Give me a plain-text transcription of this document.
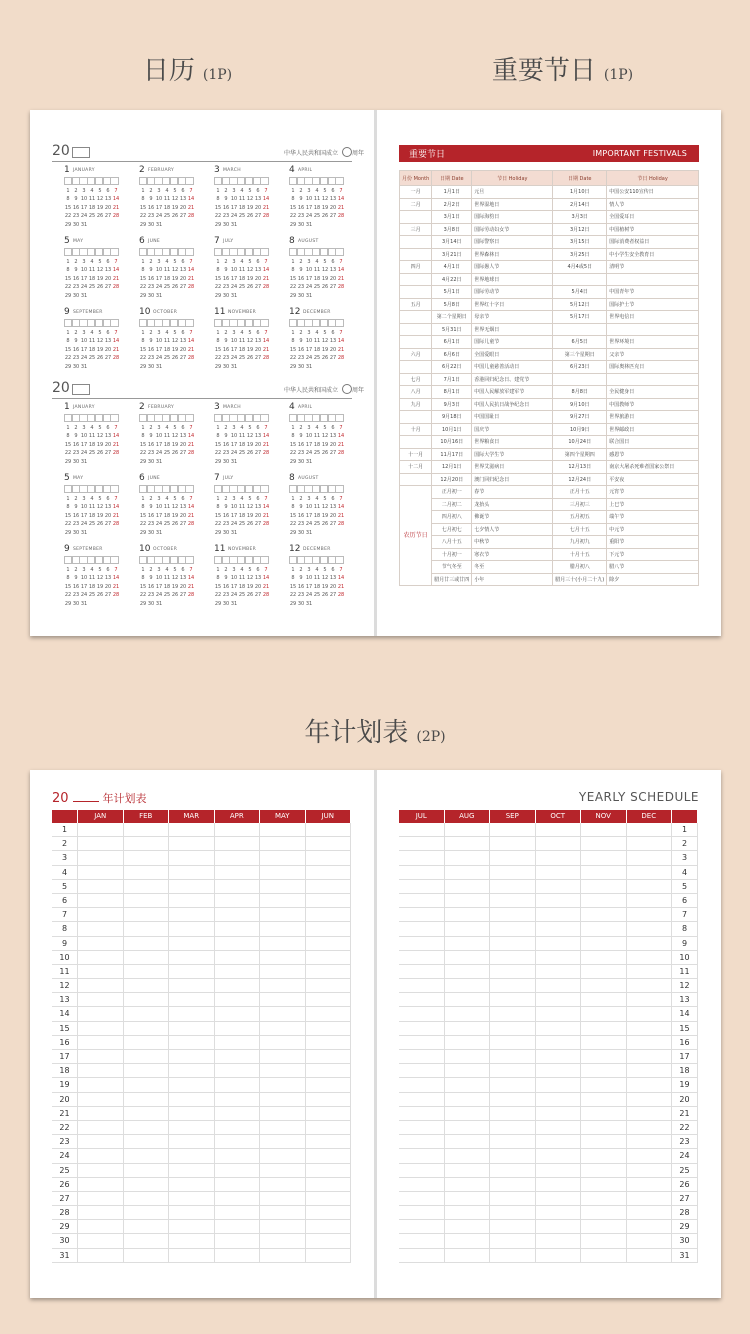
日历 (1P)	重要节日 (1P)
20	中华人民共和国成立 周年
1 JANUARY
1 2 3 4 5 6 7
8 9 10 11 12 13 14
15 16 17 18 19 20 21
22 23 24 25 26 27 28
29 30 31
2 FEBRUARY
1 2 3 4 5 6 7
8 9 10 11 12 13 14
15 16 17 18 19 20 21
22 23 24 25 26 27 28
29 30 31
3 MARCH
1 2 3 4 5 6 7
8 9 10 11 12 13 14
15 16 17 18 19 20 21
22 23 24 25 26 27 28
29 30 31
4 APRIL
1 2 3 4 5 6 7
8 9 10 11 12 13 14
15 16 17 18 19 20 21
22 23 24 25 26 27 28
29 30 31
5 MAY
1 2 3 4 5 6 7
8 9 10 11 12 13 14
15 16 17 18 19 20 21
22 23 24 25 26 27 28
29 30 31
6 JUNE
1 2 3 4 5 6 7
8 9 10 11 12 13 14
15 16 17 18 19 20 21
22 23 24 25 26 27 28
29 30 31
7 JULY
1 2 3 4 5 6 7
8 9 10 11 12 13 14
15 16 17 18 19 20 21
22 23 24 25 26 27 28
29 30 31
8 AUGUST
1 2 3 4 5 6 7
8 9 10 11 12 13 14
15 16 17 18 19 20 21
22 23 24 25 26 27 28
29 30 31
9 SEPTEMBER
1 2 3 4 5 6 7
8 9 10 11 12 13 14
15 16 17 18 19 20 21
22 23 24 25 26 27 28
29 30 31
10 OCTOBER
1 2 3 4 5 6 7
8 9 10 11 12 13 14
15 16 17 18 19 20 21
22 23 24 25 26 27 28
29 30 31
11 NOVEMBER
1 2 3 4 5 6 7
8 9 10 11 12 13 14
15 16 17 18 19 20 21
22 23 24 25 26 27 28
29 30 31
12 DECEMBER
1 2 3 4 5 6 7
8 9 10 11 12 13 14
15 16 17 18 19 20 21
22 23 24 25 26 27 28
29 30 31
20	中华人民共和国成立 周年
1 JANUARY
1 2 3 4 5 6 7
8 9 10 11 12 13 14
15 16 17 18 19 20 21
22 23 24 25 26 27 28
29 30 31
2 FEBRUARY
1 2 3 4 5 6 7
8 9 10 11 12 13 14
15 16 17 18 19 20 21
22 23 24 25 26 27 28
29 30 31
3 MARCH
1 2 3 4 5 6 7
8 9 10 11 12 13 14
15 16 17 18 19 20 21
22 23 24 25 26 27 28
29 30 31
4 APRIL
1 2 3 4 5 6 7
8 9 10 11 12 13 14
15 16 17 18 19 20 21
22 23 24 25 26 27 28
29 30 31
5 MAY
1 2 3 4 5 6 7
8 9 10 11 12 13 14
15 16 17 18 19 20 21
22 23 24 25 26 27 28
29 30 31
6 JUNE
1 2 3 4 5 6 7
8 9 10 11 12 13 14
15 16 17 18 19 20 21
22 23 24 25 26 27 28
29 30 31
7 JULY
1 2 3 4 5 6 7
8 9 10 11 12 13 14
15 16 17 18 19 20 21
22 23 24 25 26 27 28
29 30 31
8 AUGUST
1 2 3 4 5 6 7
8 9 10 11 12 13 14
15 16 17 18 19 20 21
22 23 24 25 26 27 28
29 30 31
9 SEPTEMBER
1 2 3 4 5 6 7
8 9 10 11 12 13 14
15 16 17 18 19 20 21
22 23 24 25 26 27 28
29 30 31
10 OCTOBER
1 2 3 4 5 6 7
8 9 10 11 12 13 14
15 16 17 18 19 20 21
22 23 24 25 26 27 28
29 30 31
11 NOVEMBER
1 2 3 4 5 6 7
8 9 10 11 12 13 14
15 16 17 18 19 20 21
22 23 24 25 26 27 28
29 30 31
12 DECEMBER
1 2 3 4 5 6 7
8 9 10 11 12 13 14
15 16 17 18 19 20 21
22 23 24 25 26 27 28
29 30 31
重要节日	IMPORTANT FESTIVALS
月份 Month	日期 Date	节日 Holiday	日期 Date	节日 Holiday
一月	1月1日	元旦	1月10日	中国公安110宣传日
二月	2月2日	世界湿地日	2月14日	情人节
	3月1日	国际海豹日	3月3日	全国爱耳日
三月	3月8日	国际劳动妇女节	3月12日	中国植树节
	3月14日	国际警察日	3月15日	国际消费者权益日
	3月21日	世界森林日	3月25日	中小学生安全教育日
四月	4月1日	国际愚人节	4月4或5日	清明节
	4月22日	世界地球日		
	5月1日	国际劳动节	5月4日	中国青年节
五月	5月8日	世界红十字日	5月12日	国际护士节
	第二个星期日	母亲节	5月17日	世界电信日
	5月31日	世界无烟日		
	6月1日	国际儿童节	6月5日	世界环境日
六月	6月6日	全国爱眼日	第三个星期日	父亲节
	6月22日	中国儿童慈善活动日	6月23日	国际奥林匹克日
七月	7月1日	香港回归纪念日、建党节		
八月	8月1日	中国人民解放军建军节	8月8日	全民健身日
九月	9月3日	中国人民抗日战争纪念日	9月10日	中国教师节
	9月18日	中国国耻日	9月27日	世界旅游日
十月	10月1日	国庆节	10月9日	世界邮政日
	10月16日	世界粮食日	10月24日	联合国日
十一月	11月17日	国际大学生节	第四个星期四	感恩节
十二月	12月1日	世界艾滋病日	12月13日	南京大屠杀死难者国家公祭日
	12月20日	澳门回归纪念日	12月24日	平安夜
农历节日	正月初一	春节	正月十五	元宵节
	二月初二	龙抬头	三月初三	上巳节
	四月初八	佛诞节	五月初五	端午节
	七月初七	七夕情人节	七月十五	中元节
	八月十五	中秋节	九月初九	重阳节
	十月初一	寒衣节	十月十五	下元节
	节气冬至	冬至	腊月初八	腊八节
	腊月廿三或廿四	小年	腊月三十(小月二十九)	除夕
年计划表 (2P)
20	年计划表
JAN	FEB	MAR	APR	MAY	JUN
1
2
3
4
5
6
7
8
9
10
11
12
13
14
15
16
17
18
19
20
21
22
23
24
25
26
27
28
29
30
31
YEARLY SCHEDULE
JUL	AUG	SEP	OCT	NOV	DEC
1
2
3
4
5
6
7
8
9
10
11
12
13
14
15
16
17
18
19
20
21
22
23
24
25
26
27
28
29
30
31
